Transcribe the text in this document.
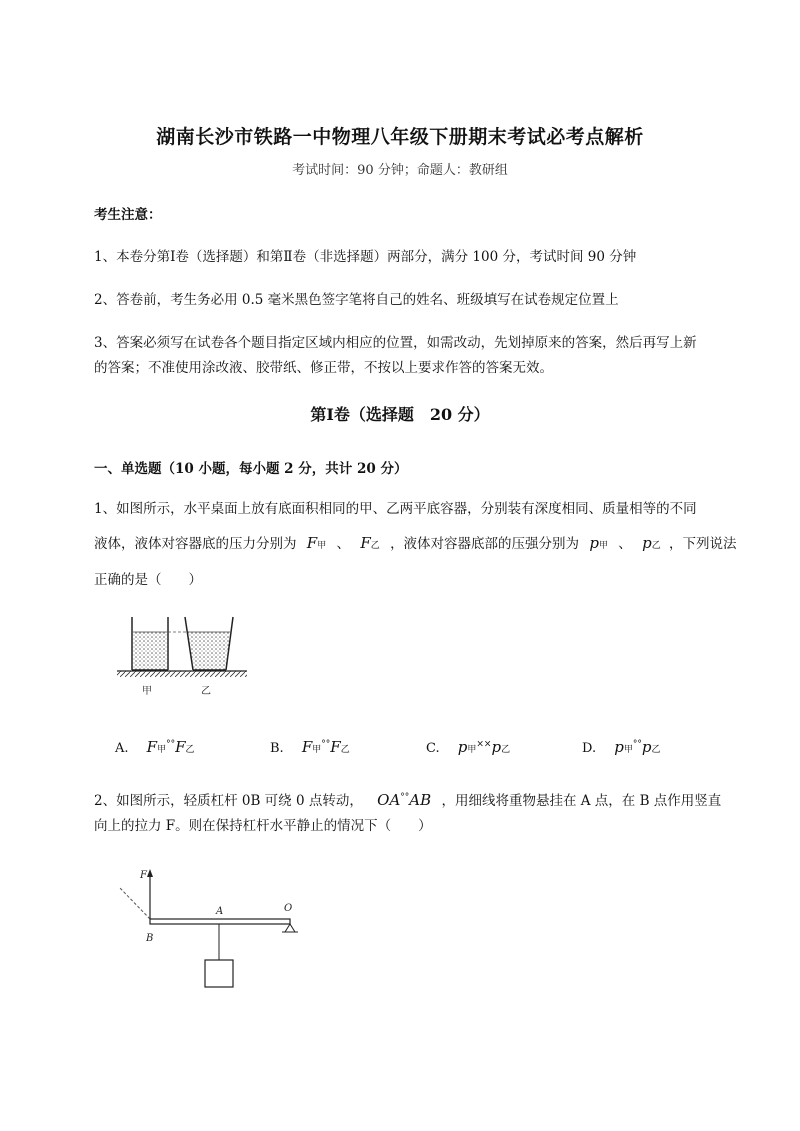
湖南长沙市铁路一中物理八年级下册期末考试必考点解析
考试时间：90 分钟；命题人：教研组
考生注意：
1、本卷分第Ⅰ卷（选择题）和第Ⅱ卷（非选择题）两部分，满分 100 分，考试时间 90 分钟
2、答卷前，考生务必用 0.5 毫米黑色签字笔将自己的姓名、班级填写在试卷规定位置上
3、答案必须写在试卷各个题目指定区域内相应的位置，如需改动，先划掉原来的答案，然后再写上新
的答案；不准使用涂改液、胶带纸、修正带，不按以上要求作答的答案无效。
第Ⅰ卷（选择题　20 分）
一、单选题（10 小题，每小题 2 分，共计 20 分）
1、如图所示，水平桌面上放有底面积相同的甲、乙两平底容器，分别装有深度相同、质量相等的不同
液体，液体对容器底的压力分别为 F甲 、 F乙 ，液体对容器底部的压强分别为 p甲 、 p乙 ，下列说法
正确的是（　　）
甲	乙
A. F甲°°F乙	B. F甲°°F乙	C. p甲××p乙	D. p甲°°p乙
2、如图所示，轻质杠杆 0B 可绕 0 点转动， OA°°AB ，用细线将重物悬挂在 A 点，在 B 点作用竖直
向上的拉力 F。则在保持杠杆水平静止的情况下（　　）
F
B
A	O
